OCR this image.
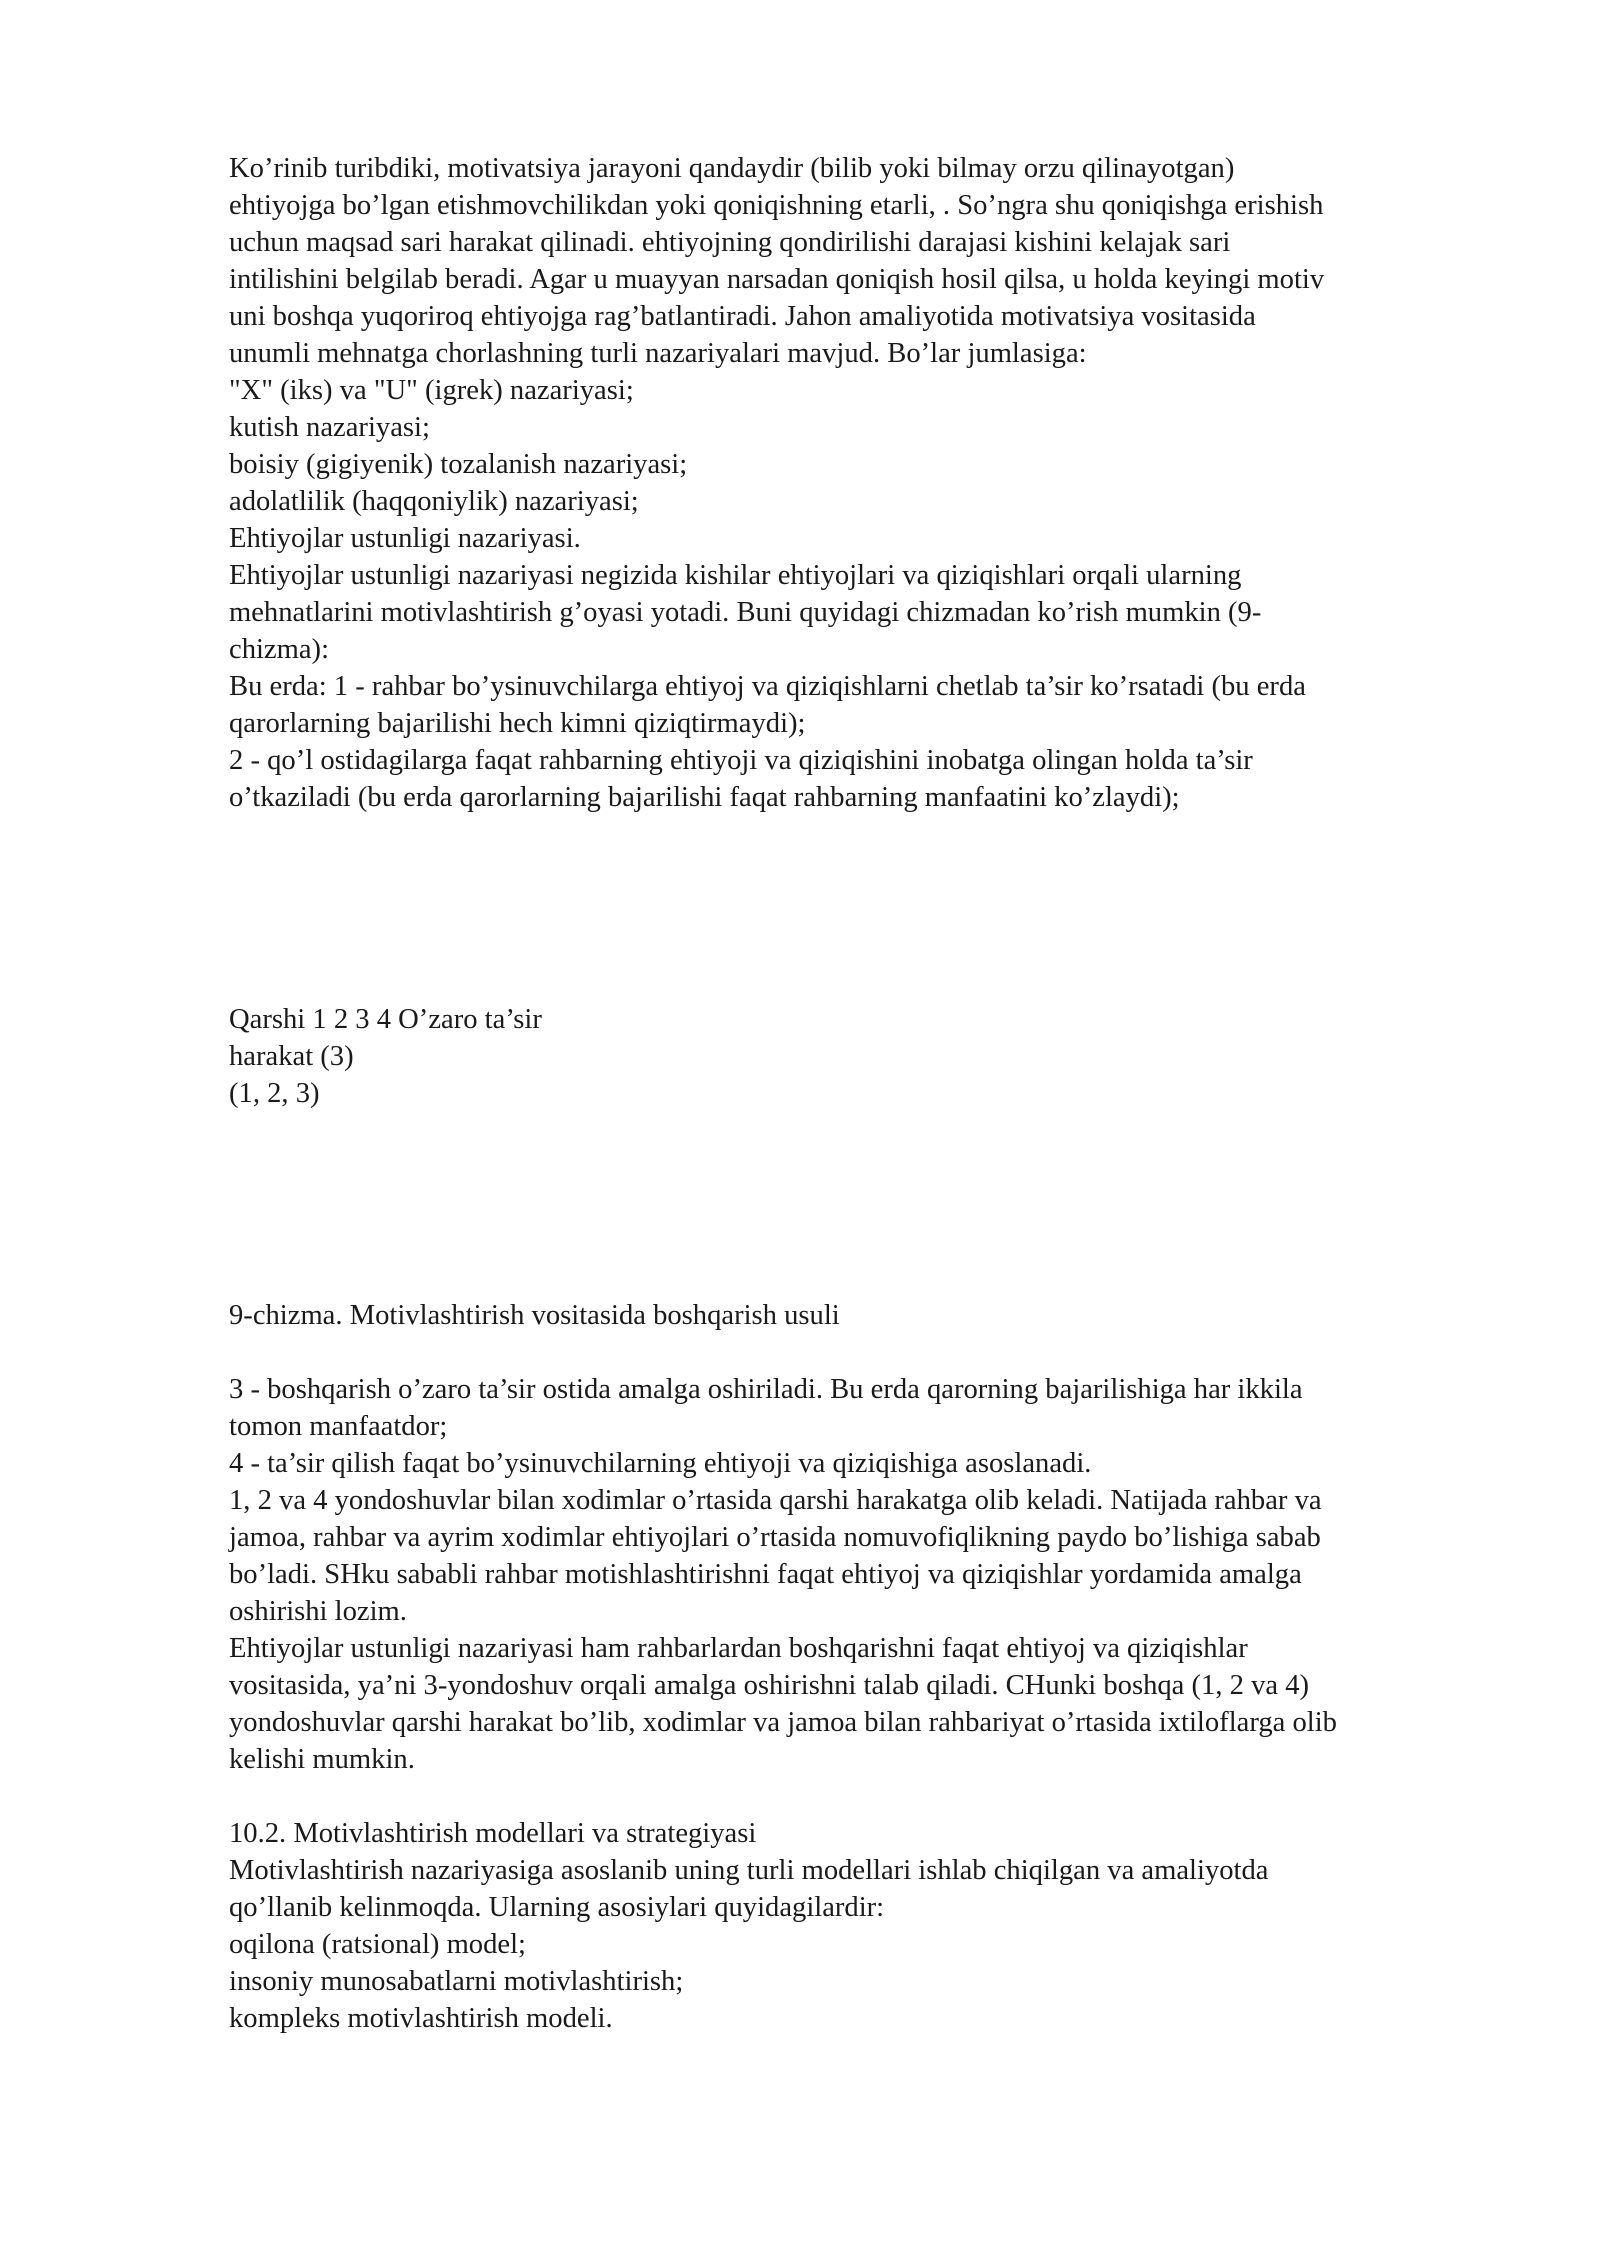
Ko’rinib turibdiki, motivatsiya jarayoni qandaydir (bilib yoki bilmay orzu qilinayotgan)
ehtiyojga bo’lgan etishmovchilikdan yoki qoniqishning etarli, . So’ngra shu qoniqishga erishish
uchun maqsad sari harakat qilinadi. ehtiyojning qondirilishi darajasi kishini kelajak sari
intilishini belgilab beradi. Agar u muayyan narsadan qoniqish hosil qilsa, u holda keyingi motiv
uni boshqa yuqoriroq ehtiyojga rag’batlantiradi. Jahon amaliyotida motivatsiya vositasida
unumli mehnatga chorlashning turli nazariyalari mavjud. Bo’lar jumlasiga:
"X" (iks) va "U" (igrek) nazariyasi;
kutish nazariyasi;
boisiy (gigiyenik) tozalanish nazariyasi;
adolatlilik (haqqoniylik) nazariyasi;
Ehtiyojlar ustunligi nazariyasi.
Ehtiyojlar ustunligi nazariyasi negizida kishilar ehtiyojlari va qiziqishlari orqali ularning
mehnatlarini motivlashtirish g’oyasi yotadi. Buni quyidagi chizmadan ko’rish mumkin (9-
chizma):
Bu erda: 1 - rahbar bo’ysinuvchilarga ehtiyoj va qiziqishlarni chetlab ta’sir ko’rsatadi (bu erda
qarorlarning bajarilishi hech kimni qiziqtirmaydi);
2 - qo’l ostidagilarga faqat rahbarning ehtiyoji va qiziqishini inobatga olingan holda ta’sir
o’tkaziladi (bu erda qarorlarning bajarilishi faqat rahbarning manfaatini ko’zlaydi);
Qarshi 1 2 3 4 O’zaro ta’sir
harakat (3)
(1, 2, 3)
9-chizma. Motivlashtirish vositasida boshqarish usuli
3 - boshqarish o’zaro ta’sir ostida amalga oshiriladi. Bu erda qarorning bajarilishiga har ikkila
tomon manfaatdor;
4 - ta’sir qilish faqat bo’ysinuvchilarning ehtiyoji va qiziqishiga asoslanadi.
1, 2 va 4 yondoshuvlar bilan xodimlar o’rtasida qarshi harakatga olib keladi. Natijada rahbar va
jamoa, rahbar va ayrim xodimlar ehtiyojlari o’rtasida nomuvofiqlikning paydo bo’lishiga sabab
bo’ladi. SHku sababli rahbar motishlashtirishni faqat ehtiyoj va qiziqishlar yordamida amalga
oshirishi lozim.
Ehtiyojlar ustunligi nazariyasi ham rahbarlardan boshqarishni faqat ehtiyoj va qiziqishlar
vositasida, ya’ni 3-yondoshuv orqali amalga oshirishni talab qiladi. CHunki boshqa (1, 2 va 4)
yondoshuvlar qarshi harakat bo’lib, xodimlar va jamoa bilan rahbariyat o’rtasida ixtiloflarga olib
kelishi mumkin.
10.2. Motivlashtirish modellari va strategiyasi
Motivlashtirish nazariyasiga asoslanib uning turli modellari ishlab chiqilgan va amaliyotda
qo’llanib kelinmoqda. Ularning asosiylari quyidagilardir:
oqilona (ratsional) model;
insoniy munosabatlarni motivlashtirish;
kompleks motivlashtirish modeli.
